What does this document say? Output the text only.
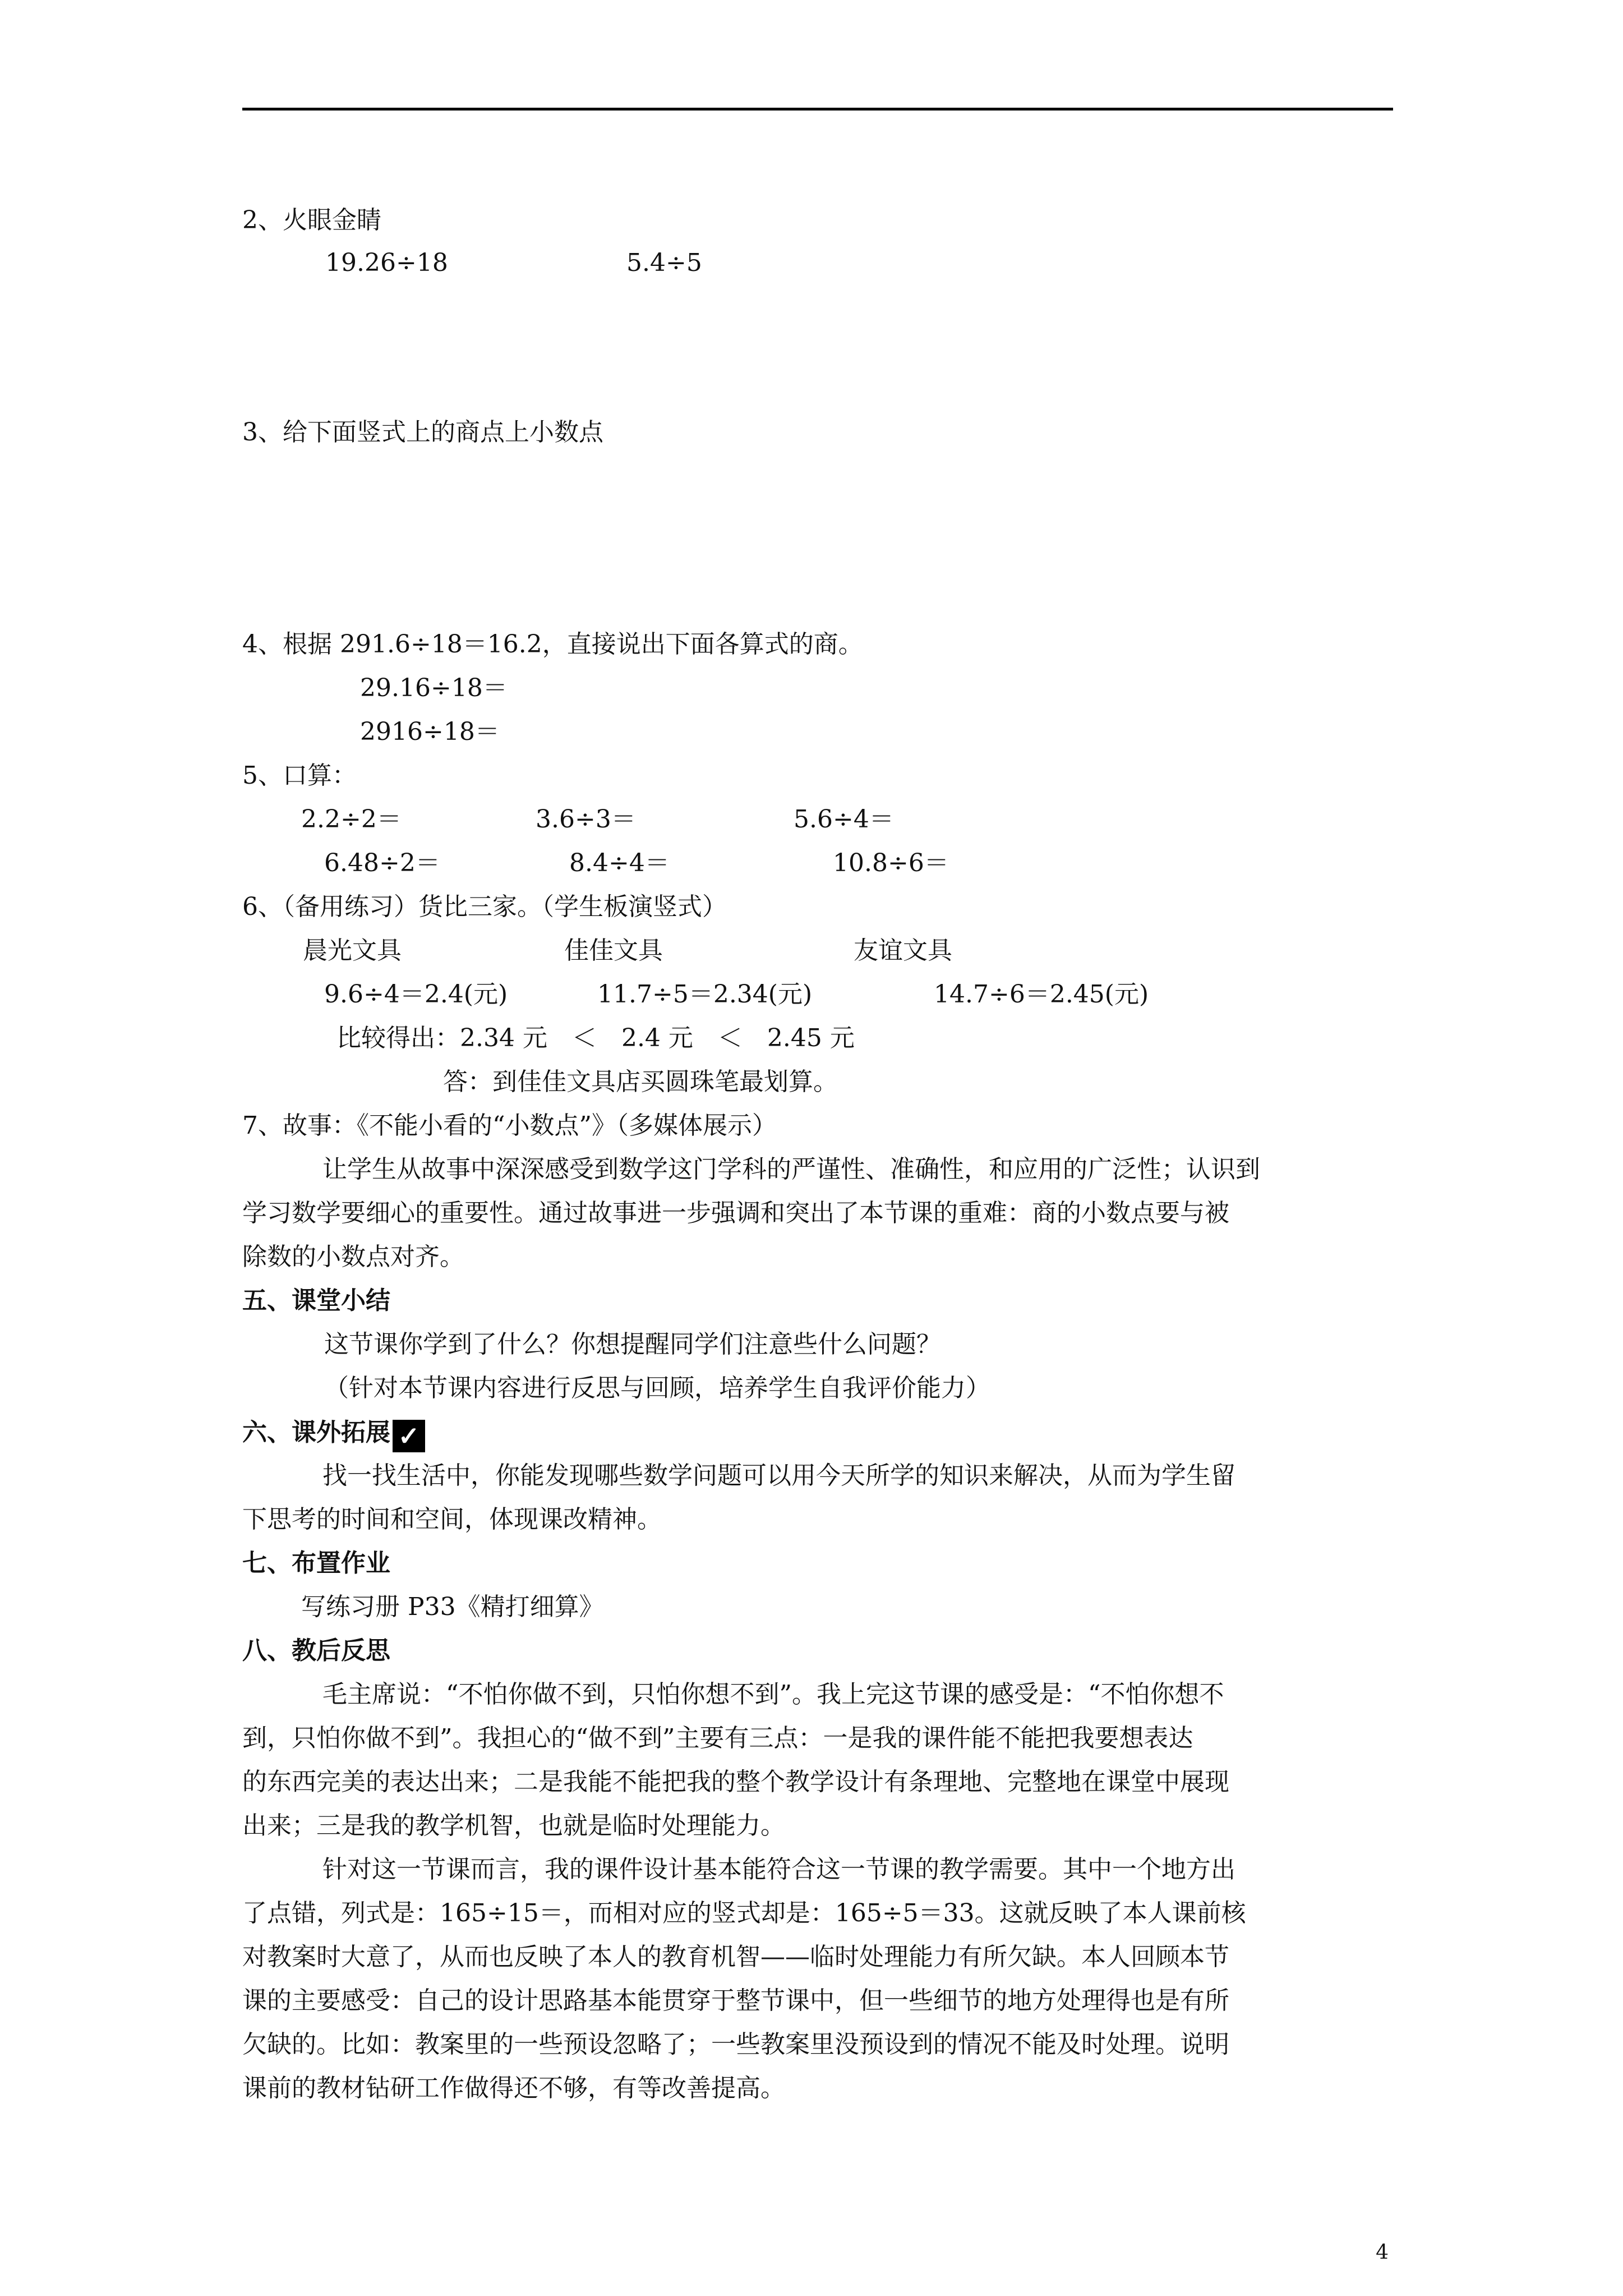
2、火眼金睛
19.26÷18	5.4÷5
3、给下面竖式上的商点上小数点
4、根据 291.6÷18＝16.2，直接说出下面各算式的商。
29.16÷18＝
2916÷18＝
5、口算：
2.2÷2＝	3.6÷3＝	5.6÷4＝
6.48÷2＝	8.4÷4＝	10.8÷6＝
6、（备用练习）货比三家。（学生板演竖式）
晨光文具	佳佳文具	友谊文具
9.6÷4＝2.4(元)	11.7÷5＝2.34(元)	14.7÷6＝2.45(元)
比较得出：2.34 元　＜　2.4 元　＜　2.45 元
答：到佳佳文具店买圆珠笔最划算。
7、故事：《不能小看的“小数点”》（多媒体展示）
让学生从故事中深深感受到数学这门学科的严谨性、准确性，和应用的广泛性；认识到
学习数学要细心的重要性。通过故事进一步强调和突出了本节课的重难：商的小数点要与被
除数的小数点对齐。
五、课堂小结
这节课你学到了什么？你想提醒同学们注意些什么问题？
（针对本节课内容进行反思与回顾，培养学生自我评价能力）
六、课外拓展 ✓
找一找生活中，你能发现哪些数学问题可以用今天所学的知识来解决，从而为学生留
下思考的时间和空间，体现课改精神。
七、布置作业
写练习册 P33《精打细算》
八、教后反思
毛主席说：“不怕你做不到，只怕你想不到”。我上完这节课的感受是：“不怕你想不
到，只怕你做不到”。我担心的“做不到”主要有三点：一是我的课件能不能把我要想表达
的东西完美的表达出来；二是我能不能把我的整个教学设计有条理地、完整地在课堂中展现
出来；三是我的教学机智，也就是临时处理能力。
针对这一节课而言，我的课件设计基本能符合这一节课的教学需要。其中一个地方出
了点错，列式是：165÷15＝，而相对应的竖式却是：165÷5＝33。这就反映了本人课前核
对教案时大意了，从而也反映了本人的教育机智——临时处理能力有所欠缺。本人回顾本节
课的主要感受：自己的设计思路基本能贯穿于整节课中，但一些细节的地方处理得也是有所
欠缺的。比如：教案里的一些预设忽略了；一些教案里没预设到的情况不能及时处理。说明
课前的教材钻研工作做得还不够，有等改善提高。
4
